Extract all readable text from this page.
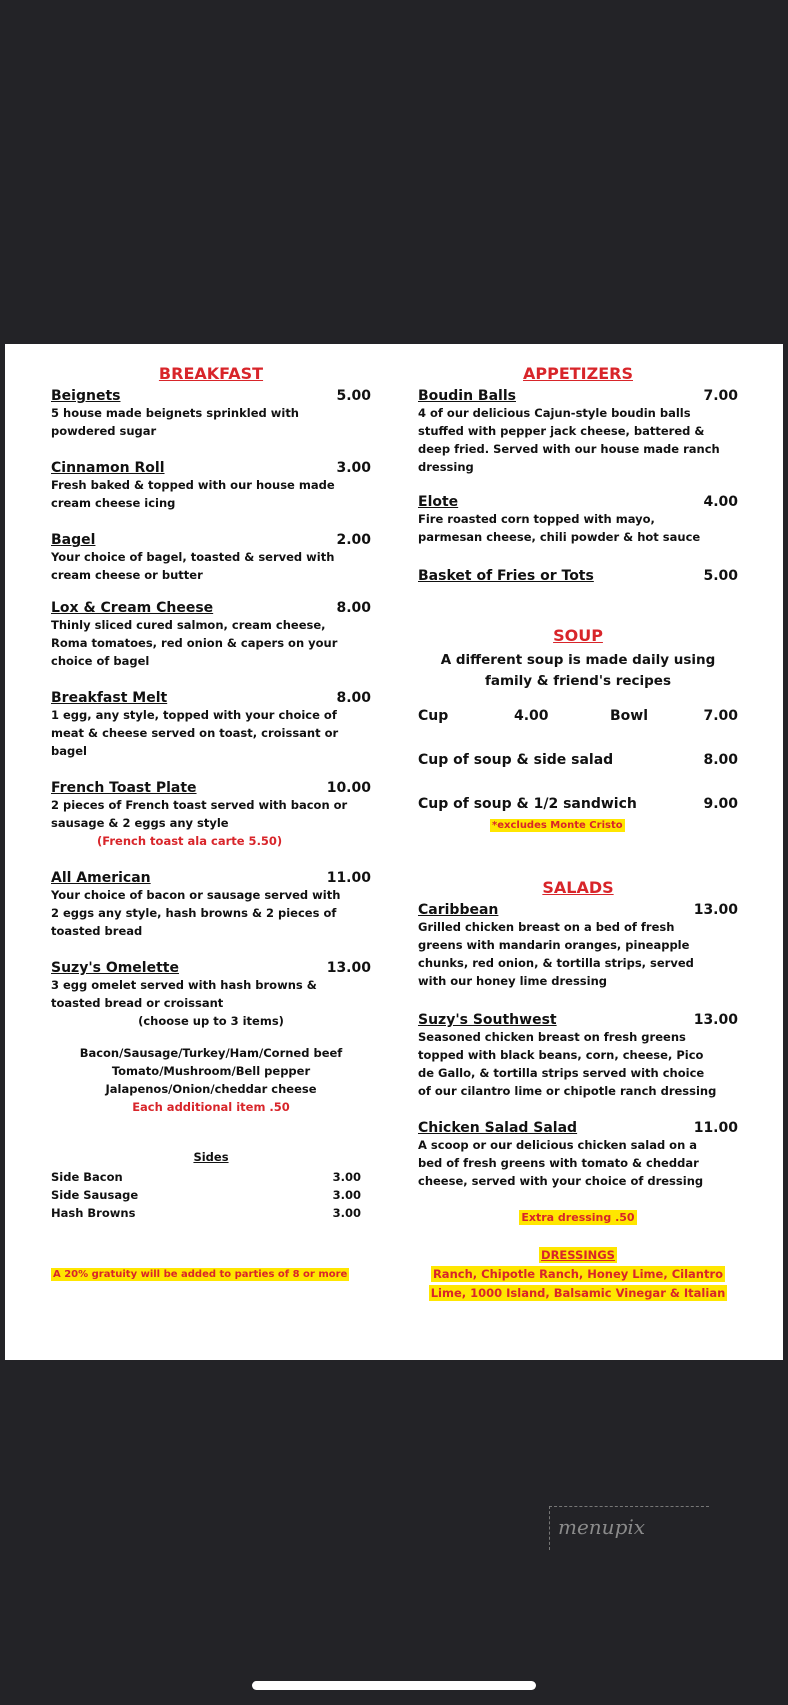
BREAKFAST
Beignets	5.00
5 house made beignets sprinkled with
powdered sugar
Cinnamon Roll	3.00
Fresh baked & topped with our house made
cream cheese icing
Bagel	2.00
Your choice of bagel, toasted & served with
cream cheese or butter
Lox & Cream Cheese	8.00
Thinly sliced cured salmon, cream cheese,
Roma tomatoes, red onion & capers on your
choice of bagel
Breakfast Melt	8.00
1 egg, any style, topped with your choice of
meat & cheese served on toast, croissant or
bagel
French Toast Plate	10.00
2 pieces of French toast served with bacon or
sausage & 2 eggs any style
(French toast ala carte 5.50)
All American	11.00
Your choice of bacon or sausage served with
2 eggs any style, hash browns & 2 pieces of
toasted bread
Suzy's Omelette	13.00
3 egg omelet served with hash browns &
toasted bread or croissant
(choose up to 3 items)
Bacon/Sausage/Turkey/Ham/Corned beef
Tomato/Mushroom/Bell pepper
Jalapenos/Onion/cheddar cheese
Each additional item .50
Sides
Side Bacon	3.00
Side Sausage	3.00
Hash Browns	3.00
A 20% gratuity will be added to parties of 8 or more
APPETIZERS
Boudin Balls	7.00
4 of our delicious Cajun-style boudin balls
stuffed with pepper jack cheese, battered &
deep fried. Served with our house made ranch
dressing
Elote	4.00
Fire roasted corn topped with mayo,
parmesan cheese, chili powder & hot sauce
Basket of Fries or Tots	5.00
SOUP
A different soup is made daily using
family & friend's recipes
Cup	4.00	Bowl	7.00
Cup of soup & side salad	8.00
Cup of soup & 1/2 sandwich	9.00
*excludes Monte Cristo
SALADS
Caribbean	13.00
Grilled chicken breast on a bed of fresh
greens with mandarin oranges, pineapple
chunks, red onion, & tortilla strips, served
with our honey lime dressing
Suzy's Southwest	13.00
Seasoned chicken breast on fresh greens
topped with black beans, corn, cheese, Pico
de Gallo, & tortilla strips served with choice
of our cilantro lime or chipotle ranch dressing
Chicken Salad Salad	11.00
A scoop or our delicious chicken salad on a
bed of fresh greens with tomato & cheddar
cheese, served with your choice of dressing
Extra dressing .50
DRESSINGS
Ranch, Chipotle Ranch, Honey Lime, Cilantro
Lime, 1000 Island, Balsamic Vinegar & Italian
menupix
